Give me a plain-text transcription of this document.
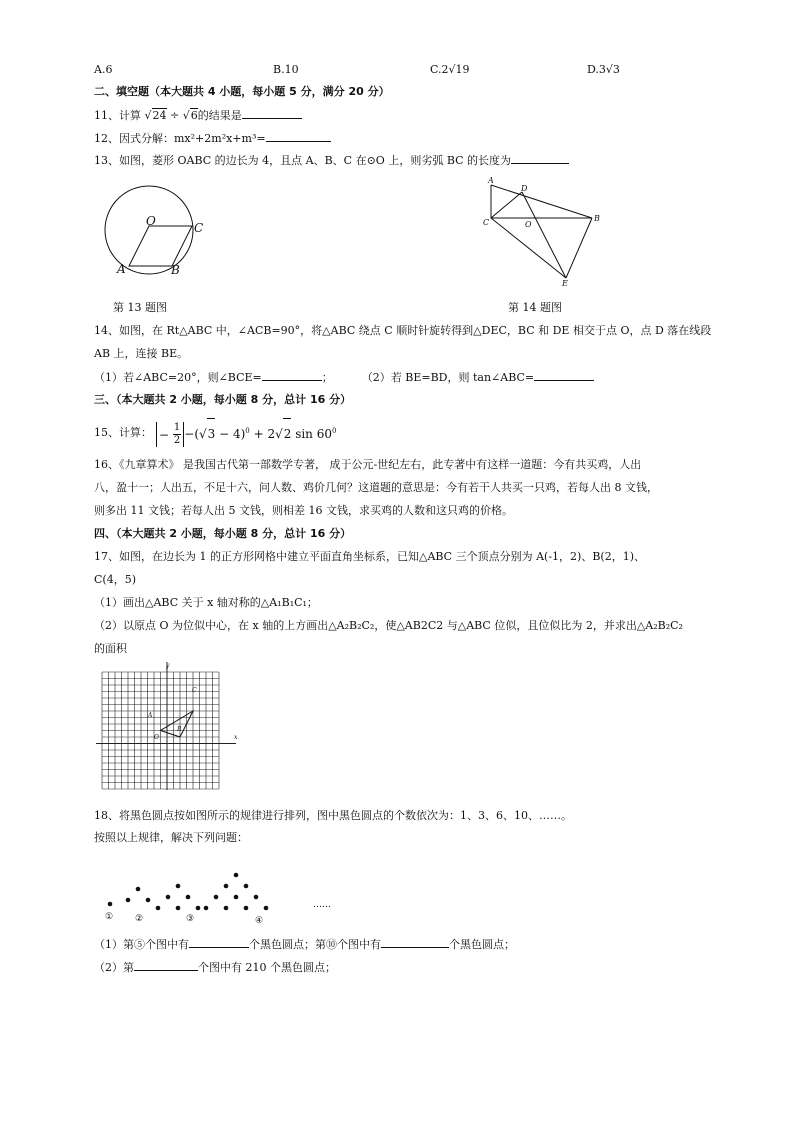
A.6	B.10	C.2√19	D.3√3
二、填空题（本大题共 4 小题，每小题 5 分，满分 20 分）
11、计算 √24 ÷ √6的结果是
12、因式分解：mx²+2m²x+m³=
13、如图，菱形 OABC 的边长为 4，且点 A、B、C 在⊙O 上，则劣弧 BC 的长度为
O	C
A	B
第 13 题图
A
D
C	O
B
E
第 14 题图
14、如图，在 Rt△ABC 中，∠ACB=90°，将△ABC 绕点 C 顺时针旋转得到△DEC，BC 和 DE 相交于点 O，点 D 落在线段
AB 上，连接 BE。
（1）若∠ABC=20°，则∠BCE=	；	（2）若 BE=BD，则 tan∠ABC=
三、（本大题共 2 小题，每小题 8 分，总计 16 分）
15、计算： − $\frac{1}{2} -(√3 - 4)^0 + 2√2$ $\sin 60^0$
16、《九章算术》 是我国古代第一部数学专著， 成于公元-世纪左右，此专著中有这样一道题：今有共买鸡，人出
八，盈十一；人出五，不足十六，问人数、鸡价几何？这道题的意思是：今有若干人共买一只鸡，若每人出 8 文钱，
则多出 11 文钱；若每人出 5 文钱，则相差 16 文钱，求买鸡的人数和这只鸡的价格。
四、（本大题共 2 小题，每小题 8 分，总计 16 分）
17、如图，在边长为 1 的正方形网格中建立平面直角坐标系，已知△ABC 三个顶点分别为 A(-1，2)、B(2，1)、
C(4，5)
（1）画出△ABC 关于 x 轴对称的△A₁B₁C₁；
（2）以原点 O 为位似中心，在 x 轴的上方画出△A₂B₂C₂，使△AB2C2 与△ABC 位似，且位似比为 2，并求出△A₂B₂C₂
的面积
y
x
O
A
B
C
18、将黑色圆点按如图所示的规律进行排列，图中黑色圆点的个数依次为：1、3、6、10、……。
按照以上规律，解决下列问题：
① ②	③	④
……
（1）第⑤个图中有	个黑色圆点；第⑩个图中有	个黑色圆点；
（2）第	个图中有 210 个黑色圆点；
